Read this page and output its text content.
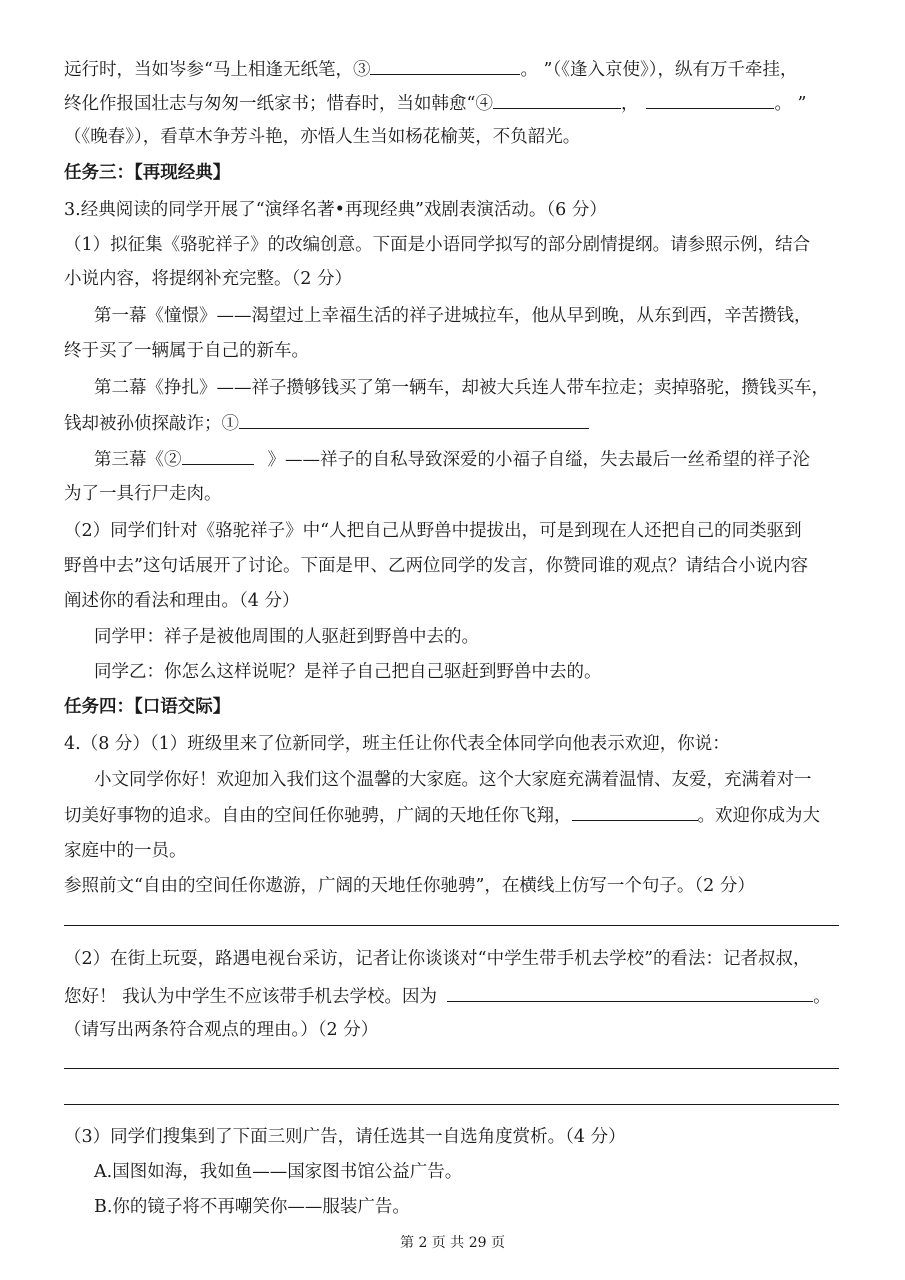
远行时，当如岑参“马上相逢无纸笔，③	。 ”（《逢入京使》），纵有万千牵挂，
终化作报国壮志与匆匆一纸家书；惜春时，当如韩愈“④	，	。 ”
（《晚春》），看草木争芳斗艳，亦悟人生当如杨花榆荚，不负韶光。
任务三：【再现经典】
3.经典阅读的同学开展了“演绎名著•再现经典”戏剧表演活动。（6 分）
（1）拟征集《骆驼祥子》的改编创意。下面是小语同学拟写的部分剧情提纲。请参照示例，结合
小说内容，将提纲补充完整。（2 分）
第一幕《憧憬》——渴望过上幸福生活的祥子进城拉车，他从早到晚，从东到西，辛苦攒钱，
终于买了一辆属于自己的新车。
第二幕《挣扎》——祥子攒够钱买了第一辆车，却被大兵连人带车拉走；卖掉骆驼，攒钱买车，
钱却被孙侦探敲诈；①
第三幕《②	》——祥子的自私导致深爱的小福子自缢，失去最后一丝希望的祥子沦
为了一具行尸走肉。
（2）同学们针对《骆驼祥子》中“人把自己从野兽中提拔出，可是到现在人还把自己的同类驱到
野兽中去”这句话展开了讨论。下面是甲、乙两位同学的发言，你赞同谁的观点？请结合小说内容
阐述你的看法和理由。（4 分）
同学甲：祥子是被他周围的人驱赶到野兽中去的。
同学乙：你怎么这样说呢？是祥子自己把自己驱赶到野兽中去的。
任务四：【口语交际】
4.（8 分）（1）班级里来了位新同学，班主任让你代表全体同学向他表示欢迎，你说：
小文同学你好！欢迎加入我们这个温馨的大家庭。这个大家庭充满着温情、友爱，充满着对一
切美好事物的追求。自由的空间任你驰骋，广阔的天地任你飞翔，	。欢迎你成为大
家庭中的一员。
参照前文“自由的空间任你遨游，广阔的天地任你驰骋”，在横线上仿写一个句子。（2 分）
（2）在街上玩耍，路遇电视台采访，记者让你谈谈对“中学生带手机去学校”的看法：记者叔叔，
您好！ 我认为中学生不应该带手机去学校。因为	。
（请写出两条符合观点的理由。）（2 分）
（3）同学们搜集到了下面三则广告，请任选其一自选角度赏析。（4 分）
A.国图如海，我如鱼——国家图书馆公益广告。
B.你的镜子将不再嘲笑你——服装广告。
第 2 页 共 29 页
